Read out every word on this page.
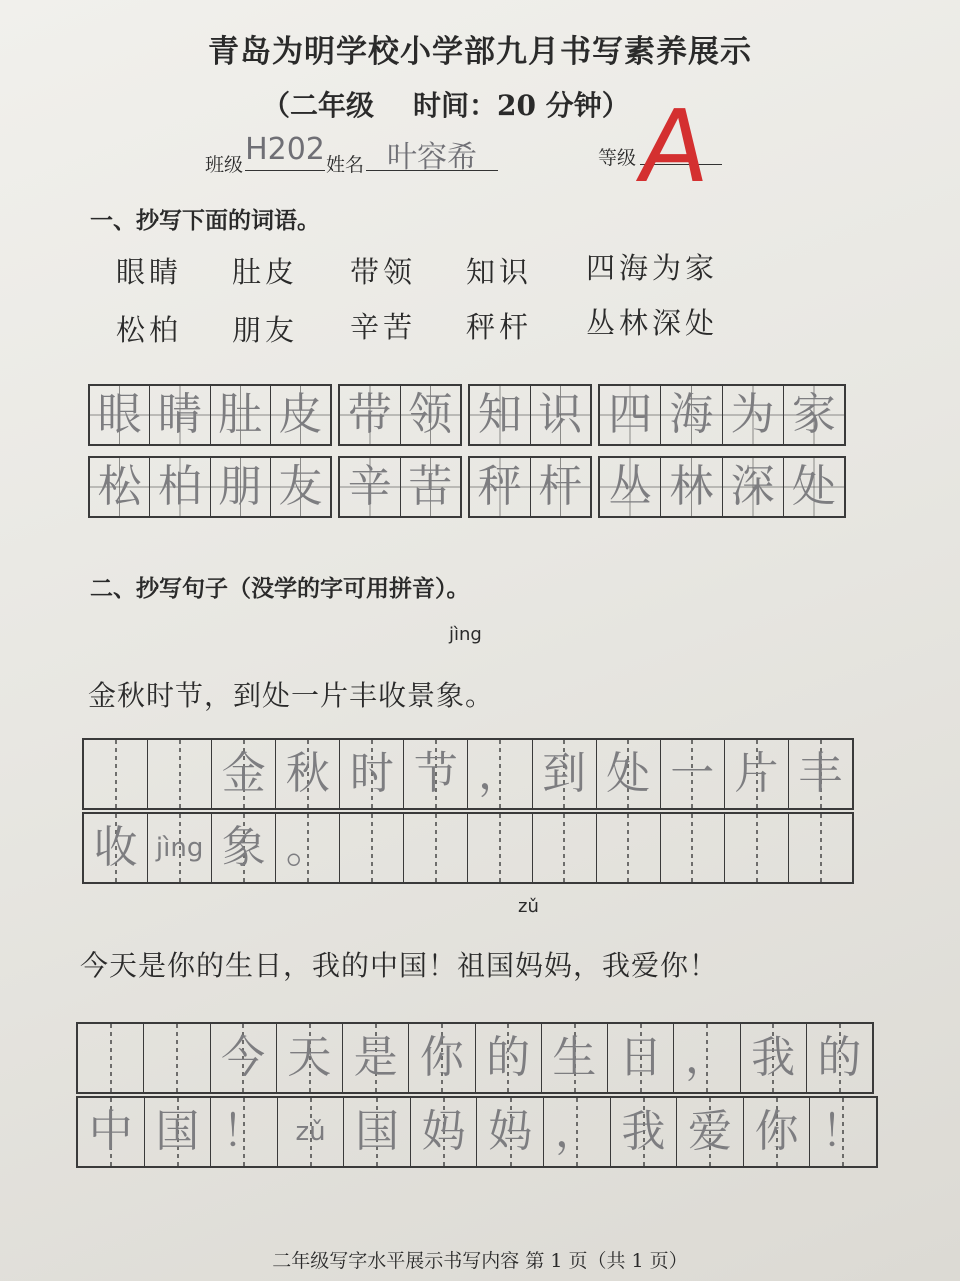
青岛为明学校小学部九月书写素养展示
（二年级    时间：20 分钟）
班级 H202 姓名 叶容希	等级
A
一、抄写下面的词语。
眼睛 肚皮 带领 知识 四海为家
松柏 朋友 辛苦 秤杆 丛林深处
眼 睛 肚 皮 带 领 知 识 四 海 为 家
松 柏 朋 友 辛 苦 秤 杆 丛 林 深 处
二、抄写句子（没学的字可用拼音）。
jìng
金秋时节，到处一片丰收景象。
金 秋 时 节 ， 到 处 一 片 丰
收 jìng 象 。
zǔ
今天是你的生日，我的中国！祖国妈妈，我爱你！
今 天 是 你 的 生 日 ， 我 的
中 国 ！ zǔ 国 妈 妈 ， 我 爱 你 ！
二年级写字水平展示书写内容 第 1 页（共 1 页）
